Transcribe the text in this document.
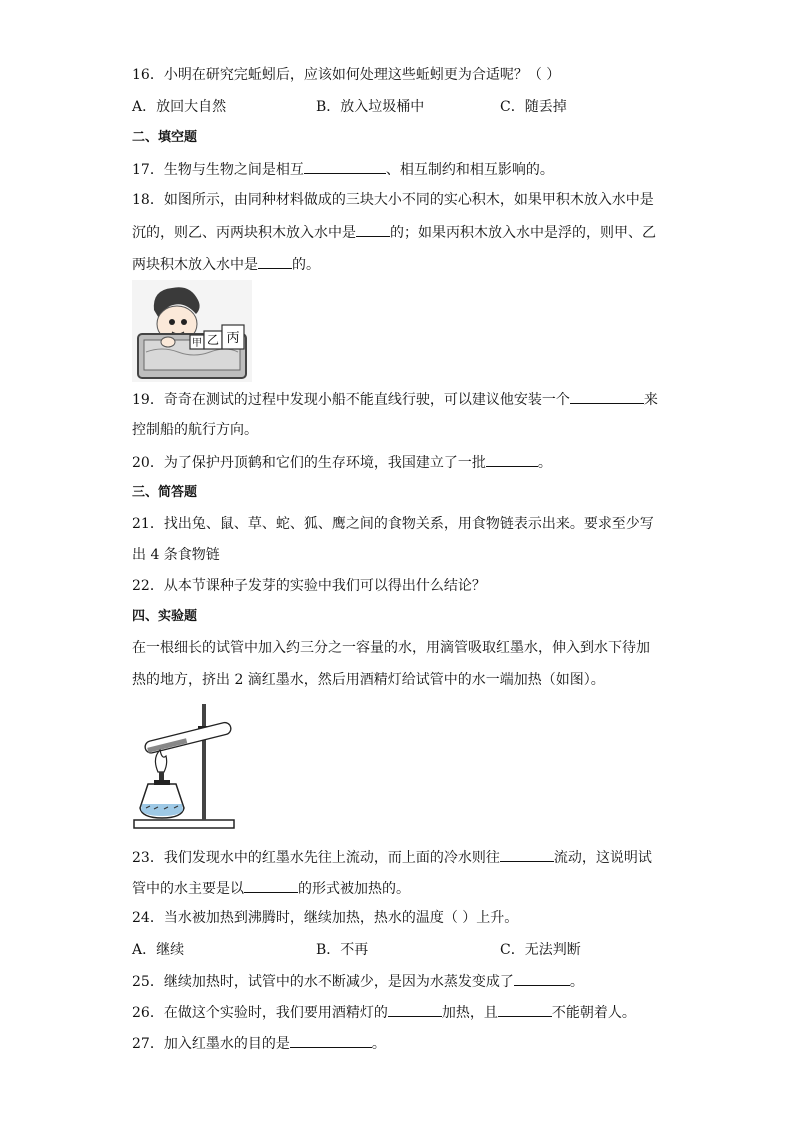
16．小明在研究完蚯蚓后，应该如何处理这些蚯蚓更为合适呢？（ ）
A．放回大自然	B．放入垃圾桶中	C．随丢掉
二、填空题
17．生物与生物之间是相互	、相互制约和相互影响的。
18．如图所示，由同种材料做成的三块大小不同的实心积木，如果甲积木放入水中是
沉的，则乙、丙两块积木放入水中是 的；如果丙积木放入水中是浮的，则甲、乙
两块积木放入水中是 的。
甲 乙 丙
19．奇奇在测试的过程中发现小船不能直线行驶，可以建议他安装一个	来
控制船的航行方向。
20．为了保护丹顶鹤和它们的生存环境，我国建立了一批	。
三、简答题
21．找出兔、鼠、草、蛇、狐、鹰之间的食物关系，用食物链表示出来。要求至少写
出 4 条食物链
22．从本节课种子发芽的实验中我们可以得出什么结论？
四、实验题
在一根细长的试管中加入约三分之一容量的水，用滴管吸取红墨水，伸入到水下待加
热的地方，挤出 2 滴红墨水，然后用酒精灯给试管中的水一端加热（如图）。
23．我们发现水中的红墨水先往上流动，而上面的冷水则往	流动，这说明试
管中的水主要是以	的形式被加热的。
24．当水被加热到沸腾时，继续加热，热水的温度（ ）上升。
A．继续	B．不再	C．无法判断
25．继续加热时，试管中的水不断减少，是因为水蒸发变成了	。
26．在做这个实验时，我们要用酒精灯的	加热，且	不能朝着人。
27．加入红墨水的目的是	。
